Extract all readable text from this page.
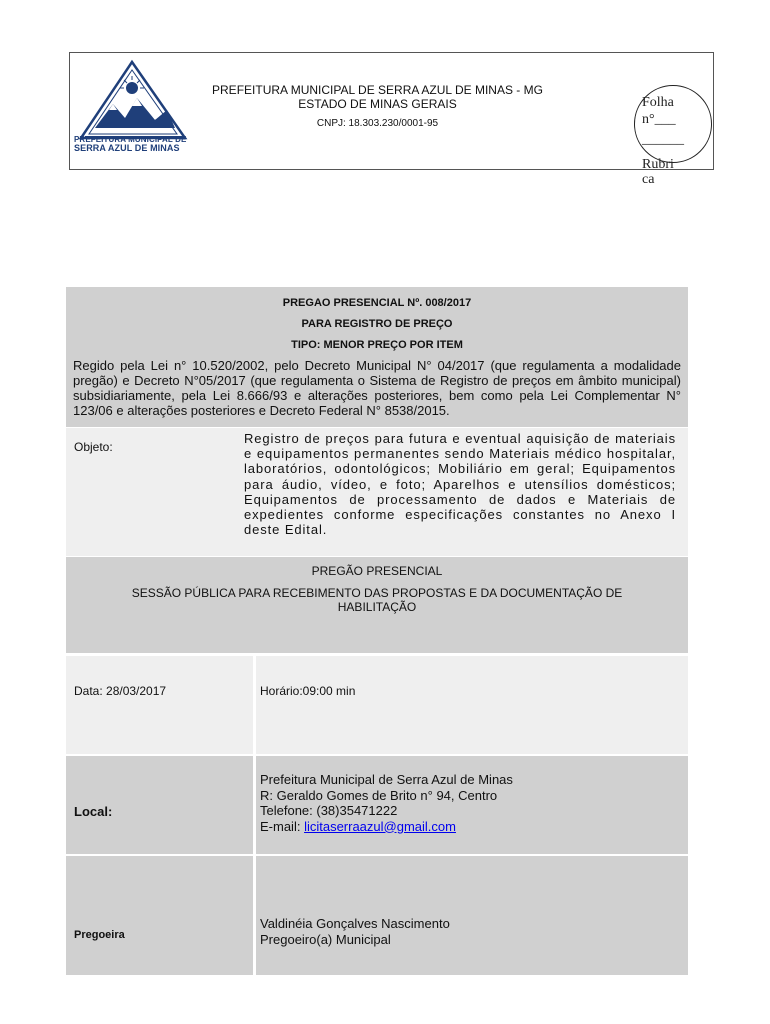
PREFEITURA MUNICIPAL DE
SERRA AZUL DE MINAS
PREFEITURA MUNICIPAL DE SERRA AZUL DE MINAS - MG
ESTADO DE MINAS GERAIS
CNPJ: 18.303.230/0001-95
Folha
n°___
______
Rubri
ca
PREGAO PRESENCIAL Nº. 008/2017
PARA REGISTRO DE PREÇO
TIPO: MENOR PREÇO POR ITEM
Regido pela Lei n° 10.520/2002, pelo Decreto Municipal N° 04/2017 (que regulamenta a modalidade pregão) e Decreto N°05/2017 (que regulamenta o Sistema de Registro de preços em âmbito municipal) subsidiariamente, pela Lei 8.666/93 e alterações posteriores, bem como pela Lei Complementar N° 123/06 e alterações posteriores e Decreto Federal N° 8538/2015.
Objeto:
Registro de preços para futura e eventual aquisição de materiais e equipamentos permanentes sendo Materiais médico hospitalar, laboratórios, odontológicos; Mobiliário em geral; Equipamentos para áudio, vídeo, e foto; Aparelhos e utensílios domésticos; Equipamentos de processamento de dados e Materiais de expedientes conforme especificações constantes no Anexo I deste Edital.
PREGÃO PRESENCIAL
SESSÃO PÚBLICA PARA RECEBIMENTO DAS PROPOSTAS E DA DOCUMENTAÇÃO DE HABILITAÇÃO
Data: 28/03/2017	Horário:09:00 min
Local:
Prefeitura Municipal de Serra Azul de Minas
R: Geraldo Gomes de Brito n° 94, Centro
Telefone: (38)35471222
E-mail: licitaserraazul@gmail.com
Pregoeira
Valdinéia Gonçalves Nascimento
Pregoeiro(a) Municipal
